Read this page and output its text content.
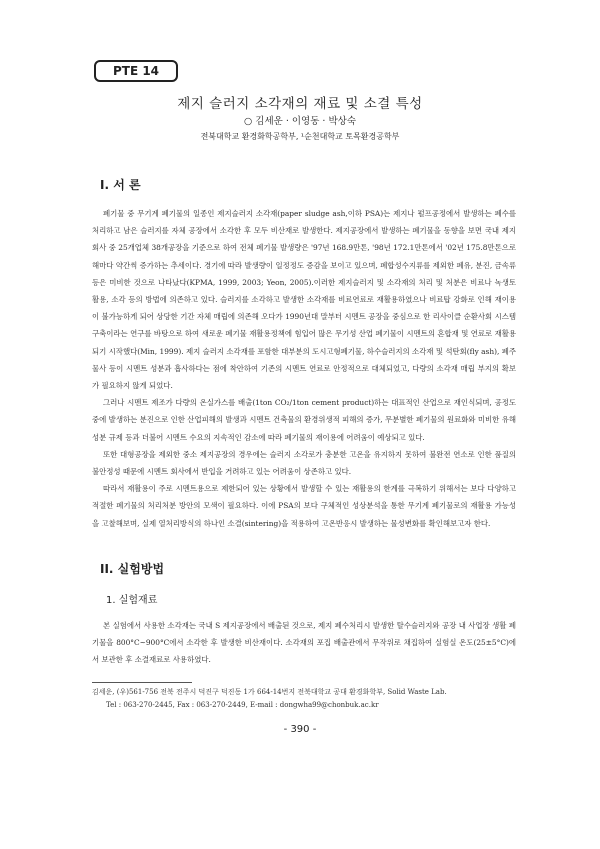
PTE 14
제지 슬러지 소각재의 재료 및 소결 특성
○ 김세운 · 이영동 · 박상숙
전북대학교 환경화학공학부, ¹순천대학교 토목환경공학부
I. 서 론

폐기물 중 무기계 폐기물의 일종인 제지슬러지 소각재(paper sludge ash,이하 PSA)는 제지나 펄프공정에서 발생하는 폐수를 처리하고 남은 슬러지를 자체 공장에서 소각한 후 모두 비산재로 발생한다. 제지공장에서 발생하는 폐기물을 동향을 보면 국내 제지회사 중 25개업체 38개공장을 기준으로 하여 전체 폐기물 발생량은 '97년 168.9만톤, '98년 172.1만톤에서 '02년 175.8만톤으로 해마다 약간씩 증가하는 추세이다. 경기에 따라 발생량이 일정정도 증감을 보이고 있으며, 폐합성수지류를 제외한 폐유, 분진, 금속류 등은 미비한 것으로 나타났다(KPMA, 1999, 2003; Yeon, 2005).이러한 제지슬러지 및 소각재의 처리 및 처분은 비료나 녹생토 활용, 소각 등의 방법에 의존하고 있다. 슬러지를 소각하고 발생한 소각재를 비료연료로 재활용하였으나 비료탑 강화로 인해 재이용이 불가능하게 되어 상당한 기간 자체 매립에 의존해 오다가 1990년대 말부터 시멘트 공장을 중심으로 한 리사이클 순환사회 시스템 구축이라는 연구를 바탕으로 하여 새로운 폐기물 재활용정책에 힘입어 많은 무기성 산업 폐기물이 시멘트의 혼합재 및 연료로 재활용되기 시작했다(Min, 1999). 제지 슬러지 소각재를 포함한 대부분의 도시고형폐기물, 하수슬러지의 소각재 및 석탄회(fly ash), 폐주물사 등이 시멘트 성분과 흡사하다는 점에 착안하여 기존의 시멘트 연료로 안정적으로 대체되었고, 다량의 소각재 매립 부지의 확보가 필요하지 않게 되었다.

그러나 시멘트 제조가 다량의 온실가스를 배출(1ton CO₂/1ton cement product)하는 대표적인 산업으로 재인식되며, 공정도중에 발생하는 분진으로 인한 산업피해의 발생과 시멘트 건축물의 환경위생적 피해의 증가, 무분별한 폐기물의 원료화와 미비한 유해성분 규제 등과 더불어 시멘트 수요의 지속적인 감소에 따라 폐기물의 재이용에 어려움이 예상되고 있다.

또한 대형공장을 제외한 중소 제지공장의 경우에는 슬러지 소각로가 충분한 고온을 유지하지 못하여 불완전 연소로 인한 품질의 불안정성 때문에 시멘트 회사에서 반입을 거려하고 있는 어려움이 상존하고 있다.

따라서 재활용이 주로 시멘트용으로 제한되어 있는 상황에서 발생할 수 있는 재활용의 한계를 극복하기 위해서는 보다 다양하고 적절한 폐기물의 처리처분 방안의 모색이 필요하다. 이에 PSA의 보다 구체적인 성상분석을 통한 무기계 폐기물로의 재활용 가능성을 고찰해보며, 실제 열처리방식의 하나인 소결(sintering)을 적용하여 고온반응시 발생하는 물성변화를 확인해보고자 한다.

II. 실험방법
1. 실험재료

본 실험에서 사용한 소각재는 국내 S 제지공장에서 배출된 것으로, 제지 폐수처리시 발생한 탈수슬러지와 공장 내 사업장 생활 폐기물을 800°C~900°C에서 소각한 후 발생한 비산재이다. 소각재의 포집 배출관에서 무작위로 채집하여 실험실 온도(25±5°C)에서 보관한 후 소결재료로 사용하였다.

김세운, (우)561-756 전북 전주시 덕진구 덕진동 1가 664-14번지 전북대학교 공대 환경화학부, Solid Waste Lab.
Tel : 063-270-2445, Fax : 063-270-2449, E-mail : dongwha99@chonbuk.ac.kr
- 390 -
